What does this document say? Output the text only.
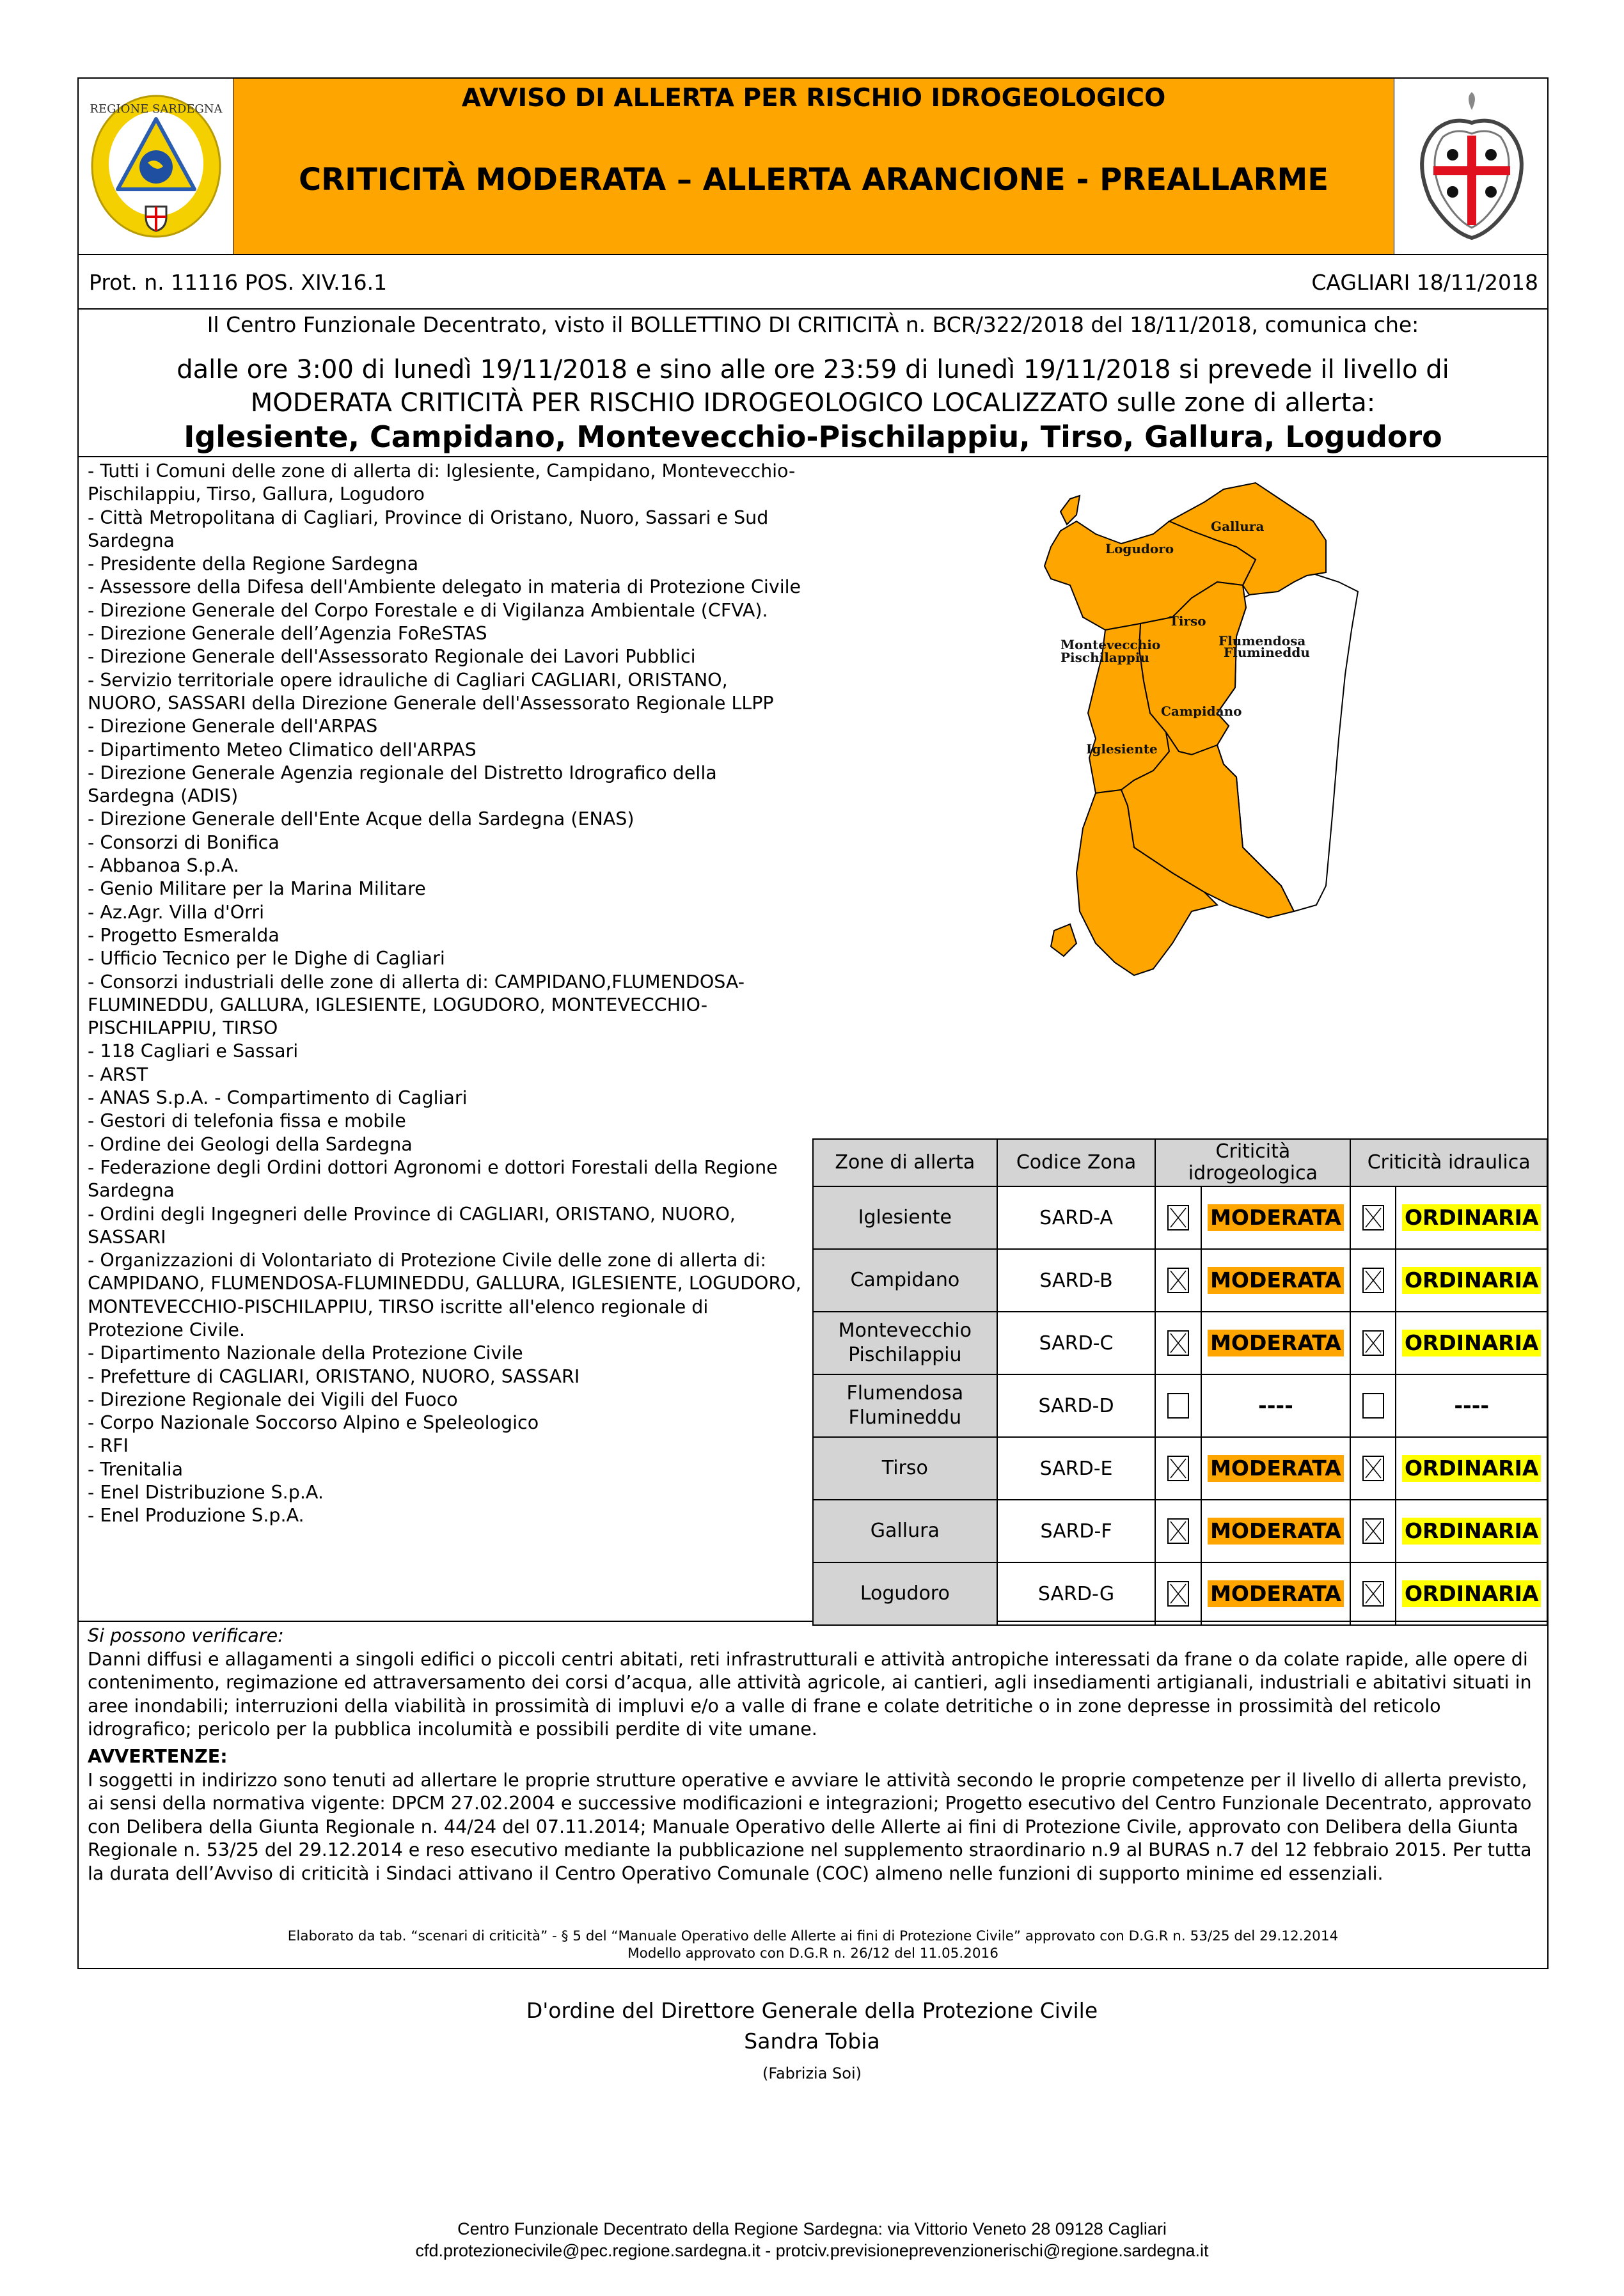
REGIONE SARDEGNA	AVVISO DI ALLERTA PER RISCHIO IDROGEOLOGICO
CRITICITÀ MODERATA – ALLERTA ARANCIONE - PREALLARME
Prot. n. 11116 POS. XIV.16.1	CAGLIARI 18/11/2018
Il Centro Funzionale Decentrato, visto il BOLLETTINO DI CRITICITÀ n. BCR/322/2018 del 18/11/2018, comunica che:
dalle ore 3:00 di lunedì 19/11/2018 e sino alle ore 23:59 di lunedì 19/11/2018 si prevede il livello di
MODERATA CRITICITÀ PER RISCHIO IDROGEOLOGICO LOCALIZZATO sulle zone di allerta:
Iglesiente, Campidano, Montevecchio-Pischilappiu, Tirso, Gallura, Logudoro
- Tutti i Comuni delle zone di allerta di: Iglesiente, Campidano, Montevecchio-Pischilappiu, Tirso, Gallura, Logudoro
- Città Metropolitana di Cagliari, Province di Oristano, Nuoro, Sassari e Sud Sardegna
- Presidente della Regione Sardegna
- Assessore della Difesa dell'Ambiente delegato in materia di Protezione Civile
- Direzione Generale del Corpo Forestale e di Vigilanza Ambientale (CFVA).
- Direzione Generale dell’Agenzia FoReSTAS
- Direzione Generale dell'Assessorato Regionale dei Lavori Pubblici
- Servizio territoriale opere idrauliche di Cagliari CAGLIARI, ORISTANO, NUORO, SASSARI della Direzione Generale dell'Assessorato Regionale LLPP
- Direzione Generale dell'ARPAS
- Dipartimento Meteo Climatico dell'ARPAS
- Direzione Generale Agenzia regionale del Distretto Idrografico della Sardegna (ADIS)
- Direzione Generale dell'Ente Acque della Sardegna (ENAS)
- Consorzi di Bonifica
- Abbanoa S.p.A.
- Genio Militare per la Marina Militare
- Az.Agr. Villa d'Orri
- Progetto Esmeralda
- Ufficio Tecnico per le Dighe di Cagliari
- Consorzi industriali delle zone di allerta di: CAMPIDANO,FLUMENDOSA-FLUMINEDDU, GALLURA, IGLESIENTE, LOGUDORO, MONTEVECCHIO-PISCHILAPPIU, TIRSO
- 118 Cagliari e Sassari
- ARST
- ANAS S.p.A. - Compartimento di Cagliari
- Gestori di telefonia fissa e mobile
- Ordine dei Geologi della Sardegna
- Federazione degli Ordini dottori Agronomi e dottori Forestali della Regione Sardegna
- Ordini degli Ingegneri delle Province di CAGLIARI, ORISTANO, NUORO, SASSARI
- Organizzazioni di Volontariato di Protezione Civile delle zone di allerta di: CAMPIDANO, FLUMENDOSA-FLUMINEDDU, GALLURA, IGLESIENTE, LOGUDORO, MONTEVECCHIO-PISCHILAPPIU, TIRSO iscritte all'elenco regionale di Protezione Civile.
- Dipartimento Nazionale della Protezione Civile
- Prefetture di CAGLIARI, ORISTANO, NUORO, SASSARI
- Direzione Regionale dei Vigili del Fuoco
- Corpo Nazionale Soccorso Alpino e Speleologico
- RFI
- Trenitalia
- Enel Distribuzione S.p.A.
- Enel Produzione S.p.A.
Gallura
Logudoro
Tirso
Montevecchio
Pischilappiu
Flumendosa
Flumineddu
Campidano
Iglesiente
Zone di allerta	Codice Zona	Criticità idrogeologica		Criticità idraulica	
Iglesiente	SARD-A		MODERATA		ORDINARIA
Campidano	SARD-B		MODERATA		ORDINARIA
Montevecchio Pischilappiu	SARD-C		MODERATA		ORDINARIA
Flumendosa Flumineddu	SARD-D		----		----
Tirso	SARD-E		MODERATA		ORDINARIA
Gallura	SARD-F		MODERATA		ORDINARIA
Logudoro	SARD-G		MODERATA		ORDINARIA
Si possono verificare:
Danni diffusi e allagamenti a singoli edifici o piccoli centri abitati, reti infrastrutturali e attività antropiche interessati da frane o da colate rapide, alle opere di contenimento, regimazione ed attraversamento dei corsi d’acqua, alle attività agricole, ai cantieri, agli insediamenti artigianali, industriali e abitativi situati in aree inondabili; interruzioni della viabilità in prossimità di impluvi e/o a valle di frane e colate detritiche o in zone depresse in prossimità del reticolo idrografico; pericolo per la pubblica incolumità e possibili perdite di vite umane.
AVVERTENZE:
I soggetti in indirizzo sono tenuti ad allertare le proprie strutture operative e avviare le attività secondo le proprie competenze per il livello di allerta previsto, ai sensi della normativa vigente: DPCM 27.02.2004 e successive modificazioni e integrazioni; Progetto esecutivo del Centro Funzionale Decentrato, approvato con Delibera della Giunta Regionale n. 44/24 del 07.11.2014; Manuale Operativo delle Allerte ai fini di Protezione Civile, approvato con Delibera della Giunta Regionale n. 53/25 del 29.12.2014 e reso esecutivo mediante la pubblicazione nel supplemento straordinario n.9 al BURAS n.7 del 12 febbraio 2015. Per tutta la durata dell’Avviso di criticità i Sindaci attivano il Centro Operativo Comunale (COC) almeno nelle funzioni di supporto minime ed essenziali.
Elaborato da tab. “scenari di criticità” - § 5 del “Manuale Operativo delle Allerte ai fini di Protezione Civile” approvato con D.G.R n. 53/25 del 29.12.2014
Modello approvato con D.G.R n. 26/12 del 11.05.2016
D'ordine del Direttore Generale della Protezione Civile
Sandra Tobia
(Fabrizia Soi)
Centro Funzionale Decentrato della Regione Sardegna: via Vittorio Veneto 28 09128 Cagliari
cfd.protezionecivile@pec.regione.sardegna.it - protciv.previsioneprevenzionerischi@regione.sardegna.it
